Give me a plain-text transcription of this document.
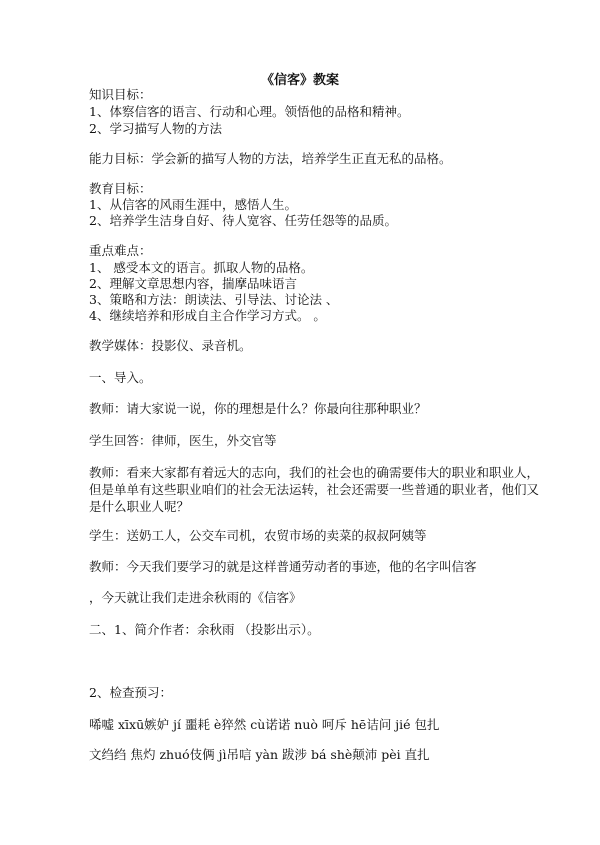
《信客》教案
知识目标：
1、体察信客的语言、行动和心理。领悟他的品格和精神。
2、学习描写人物的方法
能力目标：学会新的描写人物的方法，培养学生正直无私的品格。
教育目标：
1、从信客的风雨生涯中，感悟人生。
2、培养学生洁身自好、待人宽容、任劳任怨等的品质。
重点难点：
1、 感受本文的语言。抓取人物的品格。
2、理解文章思想内容，揣摩品味语言
3、策略和方法：朗读法、引导法、讨论法 、
4、继续培养和形成自主合作学习方式。 。
教学媒体：投影仪、录音机。
一、导入。
教师：请大家说一说，你的理想是什么？你最向往那种职业？
学生回答：律师，医生，外交官等
教师：看来大家都有着远大的志向，我们的社会也的确需要伟大的职业和职业人，
但是单单有这些职业咱们的社会无法运转，社会还需要一些普通的职业者，他们又
是什么职业人呢？
学生：送奶工人，公交车司机，农贸市场的卖菜的叔叔阿姨等
教师：今天我们要学习的就是这样普通劳动者的事迹，他的名字叫信客
，今天就让我们走进余秋雨的《信客》
二、1、简介作者：余秋雨 （投影出示）。
2、检查预习：
唏嘘 xīxū嫉妒 jí 噩耗 è猝然 cù诺诺 nuò 呵斥 hē诘问 jié 包扎
文绉绉 焦灼 zhuó伎俩 jì吊唁 yàn 跋涉 bá shè颠沛 pèi 直扎
